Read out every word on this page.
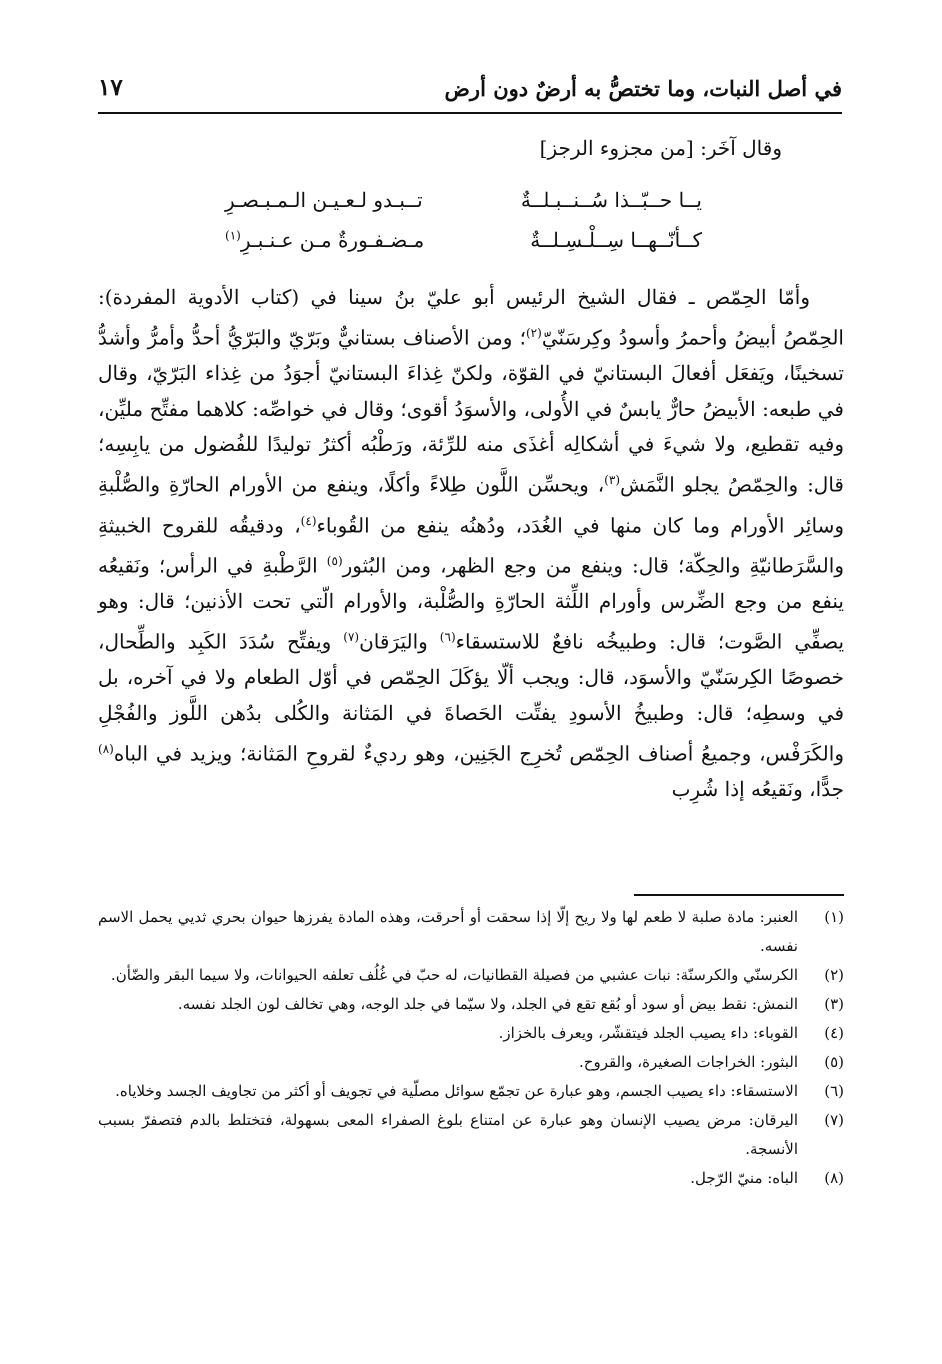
في أصل النبات، وما تختصُّ به أرضٌ دون أرض
١٧
وقال آخَر: [من مجزوء الرجز]
يــا حــبّــذا سُــنــبـلــةٌ
تــبـدو لـعـيـن الـمـبـصـرِ
كــأنّــهــا سِــلْـسِـلــةٌ
مـضـفـورةٌ مـن عـنـبـرِ$^{(١)}$

وأمّا الحِمّص ـ فقال الشيخ الرئيس أبو عليّ بنُ سينا في (كتاب الأدوية المفردة): الحِمّصُ أبيضُ وأحمرُ وأسودُ وكِرسَنّيّ$^{(٢)}$؛ ومن الأصناف بستانيٌّ وبَرّيّ والبَرّيُّ أحدُّ وأمرُّ وأشدُّ تسخينًا، ويَفعَل أفعالَ البستانيّ في القوّة، ولكنّ غِذاءَ البستانيّ أجوَدُ من غِذاء البَرّيّ، وقال في طبعه: الأبيضُ حارٌّ يابسٌ في الأُولى، والأسوَدُ أقوى؛ وقال في خواصِّه: كلاهما مفتِّح مليِّن، وفيه تقطيع، ولا شيءَ في أشكالِه أغذَى منه للرِّئة، ورَطْبُه أكثرُ توليدًا للفُضول من يابِسِه؛ قال: والحِمّصُ يجلو النَّمَش$^{(٣)}$، ويحسِّن اللَّون طِلاءً وأكلًا، وينفع من الأورام الحارّةِ والصُّلْبةِ وسائِر الأورام وما كان منها في الغُدَد، ودُهنُه ينفع من القُوباء$^{(٤)}$، ودقيقُه للقروح الخبيثةِ والسَّرَطانيّةِ والحِكّة؛ قال: وينفع من وجع الظهر، ومن البُثور$^{(٥)}$ الرَّطْبةِ في الرأس؛ ونَقيعُه ينفع من وجع الضِّرس وأورام اللِّثة الحارّةِ والصُّلْبة، والأورام الّتي تحت الأذنين؛ قال: وهو يصفِّي الصَّوت؛ قال: وطبيخُه نافعٌ للاستسقاء$^{(٦)}$ واليَرَقان$^{(٧)}$ ويفتِّح سُدَدَ الكَبِد والطِّحال، خصوصًا الكِرسَنّيّ والأسوَد، قال: ويجب ألّا يؤكَلَ الحِمّص في أوّل الطعام ولا في آخره، بل في وسطِه؛ قال: وطبيخُ الأسودِ يفتِّت الحَصاةَ في المَثانة والكُلى بدُهن اللَّوز والفُجْلِ والكَرَفْس، وجميعُ أصناف الحِمّص تُخرِج الجَنِين، وهو رديءٌ لقروحِ المَثانة؛ ويزيد في الباه$^{(٨)}$ جدًّا، ونَقيعُه إذا شُرِب

(١)
العنبر: مادة صلبة لا طعم لها ولا ريح إلّا إذا سحقت أو أحرقت، وهذه المادة يفرزها حيوان بحري ثديي يحمل الاسم نفسه.
(٢)
الكرسنّي والكرسنّة: نبات عشبي من فصيلة القطانيات، له حبّ في غُلُف تعلفه الحيوانات، ولا سيما البقر والضّأن.
(٣)
النمش: نقط بيض أو سود أو بُقع تقع في الجلد، ولا سيّما في جلد الوجه، وهي تخالف لون الجلد نفسه.
(٤)
القوباء: داء يصيب الجلد فيتقشّر، ويعرف بالخزاز.
(٥)
البثور: الخراجات الصغيرة، والقروح.
(٦)
الاستسقاء: داء يصيب الجسم، وهو عبارة عن تجمّع سوائل مصلّية في تجويف أو أكثر من تجاويف الجسد وخلاياه.
(٧)
اليرقان: مرض يصيب الإنسان وهو عبارة عن امتناع بلوغ الصفراء المعى بسهولة، فتختلط بالدم فتصفرّ بسبب الأنسجة.
(٨)
الباه: منيّ الرّجل.
